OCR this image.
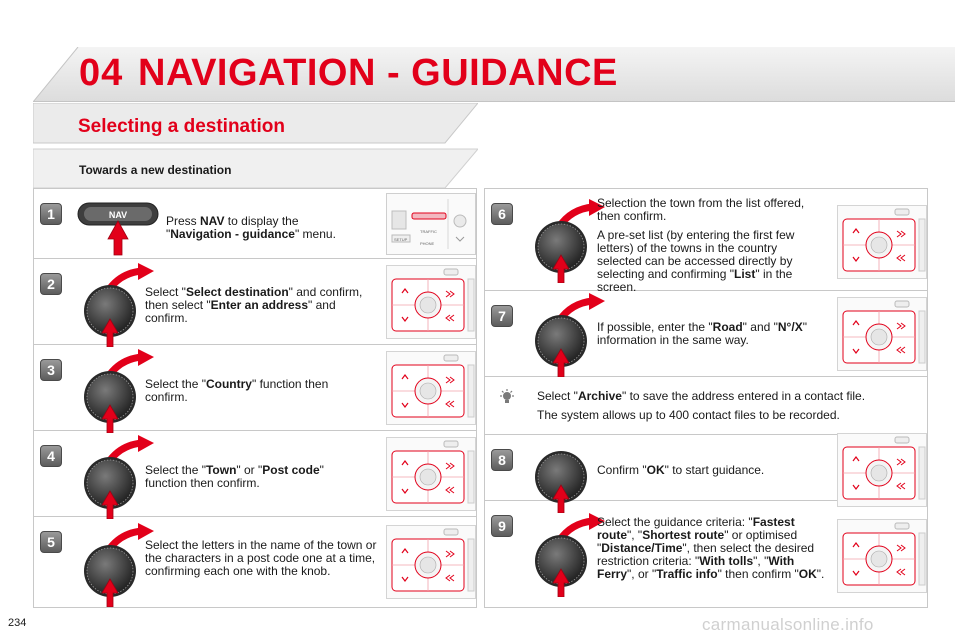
04 NAVIGATION - GUIDANCE
Selecting a destination
Towards a new destination
1	NAV	Press NAV to display the "Navigation - guidance" menu.	SETUP
TRAFFIC
PHONE
2	Select "Select destination" and confirm, then select "Enter an address" and confirm.
3
Select the "Country" function then confirm.
4
Select the "Town" or "Post code" function then confirm.
5	Select the letters in the name of the town or the characters in a post code one at a time, confirming each one with the knob.
6

Selection the town from the list offered, then confirm.

A pre-set list (by entering the first few letters) of the towns in the country selected can be accessed directly by selecting and confirming "List" in the screen.

7
If possible, enter the "Road" and "N°/X" information in the same way.

Select "Archive" to save the address entered in a contact file.

The system allows up to 400 contact files to be recorded.

8
Confirm "OK" to start guidance.
9	Select the guidance criteria: "Fastest route", "Shortest route" or optimised "Distance/Time", then select the desired restriction criteria: "With tolls", "With Ferry", or "Traffic info" then confirm "OK".
234	carmanualsonline.info
